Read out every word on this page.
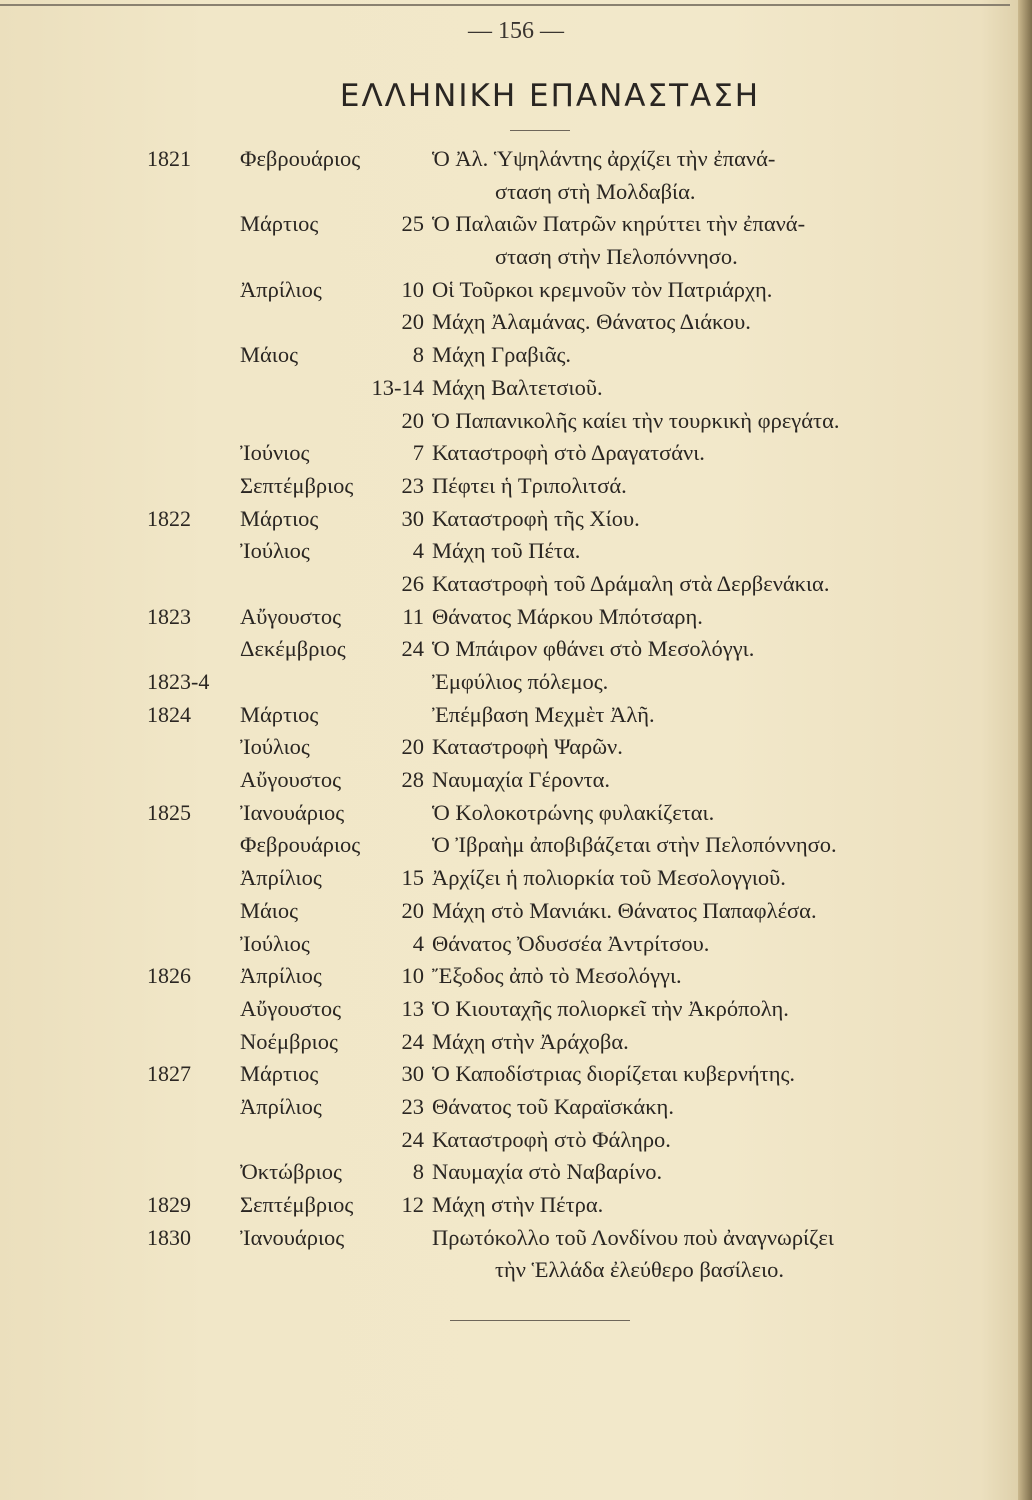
— 156 —
ΕΛΛΗΝΙΚΗ ΕΠΑΝΑΣΤΑΣΗ
1821 Φεβρουάριος	Ὁ Ἀλ. Ὑψηλάντης ἀρχίζει τὴν ἐπανά-
σταση στὴ Μολδαβία.
Μάρτιος	25 Ὁ Παλαιῶν Πατρῶν κηρύττει τὴν ἐπανά-
σταση στὴν Πελοπόννησο.
Ἀπρίλιος	10 Οἱ Τοῦρκοι κρεμνοῦν τὸν Πατριάρχη.
20 Μάχη Ἀλαμάνας. Θάνατος Διάκου.
Μάιος	8 Μάχη Γραβιᾶς.
13-14 Μάχη Βαλτετσιοῦ.
20 Ὁ Παπανικολῆς καίει τὴν τουρκικὴ φρεγάτα.
Ἰούνιος	7 Καταστροφὴ στὸ Δραγατσάνι.
Σεπτέμβριος 23 Πέφτει ἡ Τριπολιτσά.
1822 Μάρτιος	30 Καταστροφὴ τῆς Χίου.
Ἰούλιος	4 Μάχη τοῦ Πέτα.
26 Καταστροφὴ τοῦ Δράμαλη στὰ Δερβενάκια.
1823 Αὔγουστος	11 Θάνατος Μάρκου Μπότσαρη.
Δεκέμβριος 24 Ὁ Μπάιρον φθάνει στὸ Μεσολόγγι.
1823-4	Ἐμφύλιος πόλεμος.
1824 Μάρτιος	Ἐπέμβαση Μεχμὲτ Ἀλῆ.
Ἰούλιος	20 Καταστροφὴ Ψαρῶν.
Αὔγουστος	28 Ναυμαχία Γέροντα.
1825 Ἰανουάριος	Ὁ Κολοκοτρώνης φυλακίζεται.
Φεβρουάριος	Ὁ Ἰβραὴμ ἀποβιβάζεται στὴν Πελοπόννησο.
Ἀπρίλιος	15 Ἀρχίζει ἡ πολιορκία τοῦ Μεσολογγιοῦ.
Μάιος	20 Μάχη στὸ Μανιάκι. Θάνατος Παπαφλέσα.
Ἰούλιος	4 Θάνατος Ὀδυσσέα Ἀντρίτσου.
1826 Ἀπρίλιος	10 Ἔξοδος ἀπὸ τὸ Μεσολόγγι.
Αὔγουστος	13 Ὁ Κιουταχῆς πολιορκεῖ τὴν Ἀκρόπολη.
Νοέμβριος	24 Μάχη στὴν Ἀράχοβα.
1827 Μάρτιος	30 Ὁ Καποδίστριας διορίζεται κυβερνήτης.
Ἀπρίλιος	23 Θάνατος τοῦ Καραϊσκάκη.
24 Καταστροφὴ στὸ Φάληρο.
Ὀκτώβριος	8 Ναυμαχία στὸ Ναβαρίνο.
1829 Σεπτέμβριος 12 Μάχη στὴν Πέτρα.
1830 Ἰανουάριος	Πρωτόκολλο τοῦ Λονδίνου ποὺ ἀναγνωρίζει
τὴν Ἑλλάδα ἐλεύθερο βασίλειο.
